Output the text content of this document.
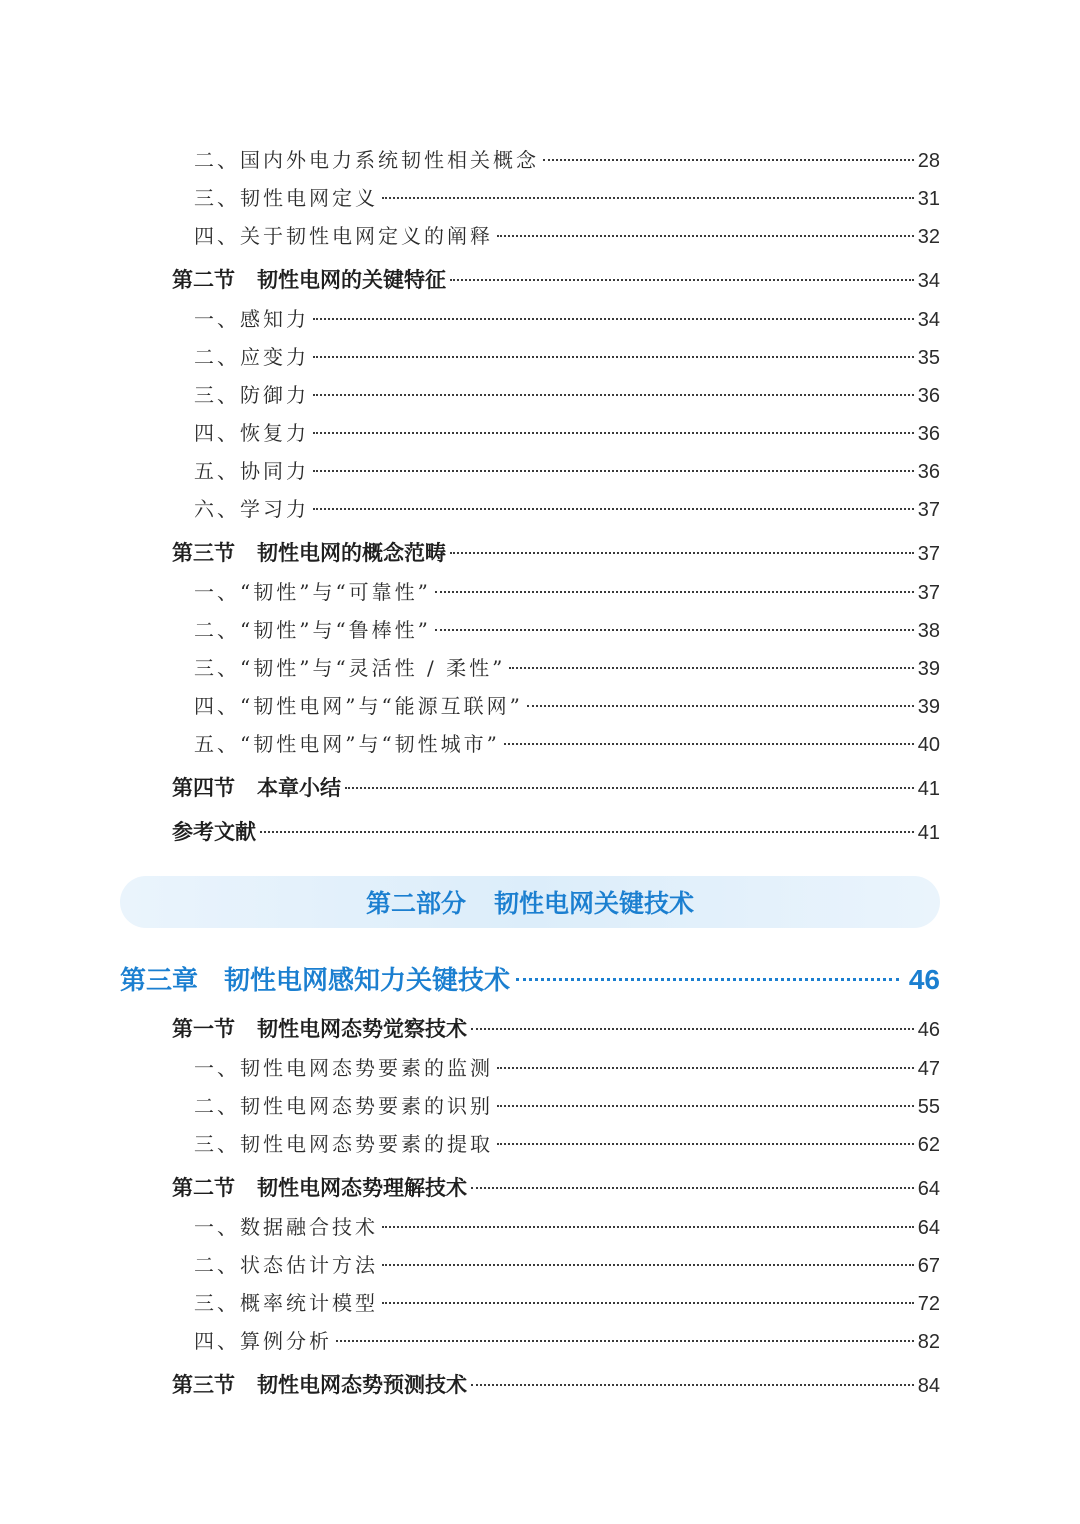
二、国内外电力系统韧性相关概念	28
三、韧性电网定义	31
四、关于韧性电网定义的阐释	32
第二节 韧性电网的关键特征	34
一、感知力	34
二、应变力	35
三、防御力	36
四、恢复力	36
五、协同力	36
六、学习力	37
第三节 韧性电网的概念范畴	37
一、“韧性”与“可靠性”	37
二、“韧性”与“鲁棒性”	38
三、“韧性”与“灵活性 / 柔性”	39
四、“韧性电网”与“能源互联网”	39
五、“韧性电网”与“韧性城市”	40
第四节 本章小结	41
参考文献	41
第二部分 韧性电网关键技术
第三章 韧性电网感知力关键技术	46
第一节 韧性电网态势觉察技术	46
一、韧性电网态势要素的监测	47
二、韧性电网态势要素的识别	55
三、韧性电网态势要素的提取	62
第二节 韧性电网态势理解技术	64
一、数据融合技术	64
二、状态估计方法	67
三、概率统计模型	72
四、算例分析	82
第三节 韧性电网态势预测技术	84
